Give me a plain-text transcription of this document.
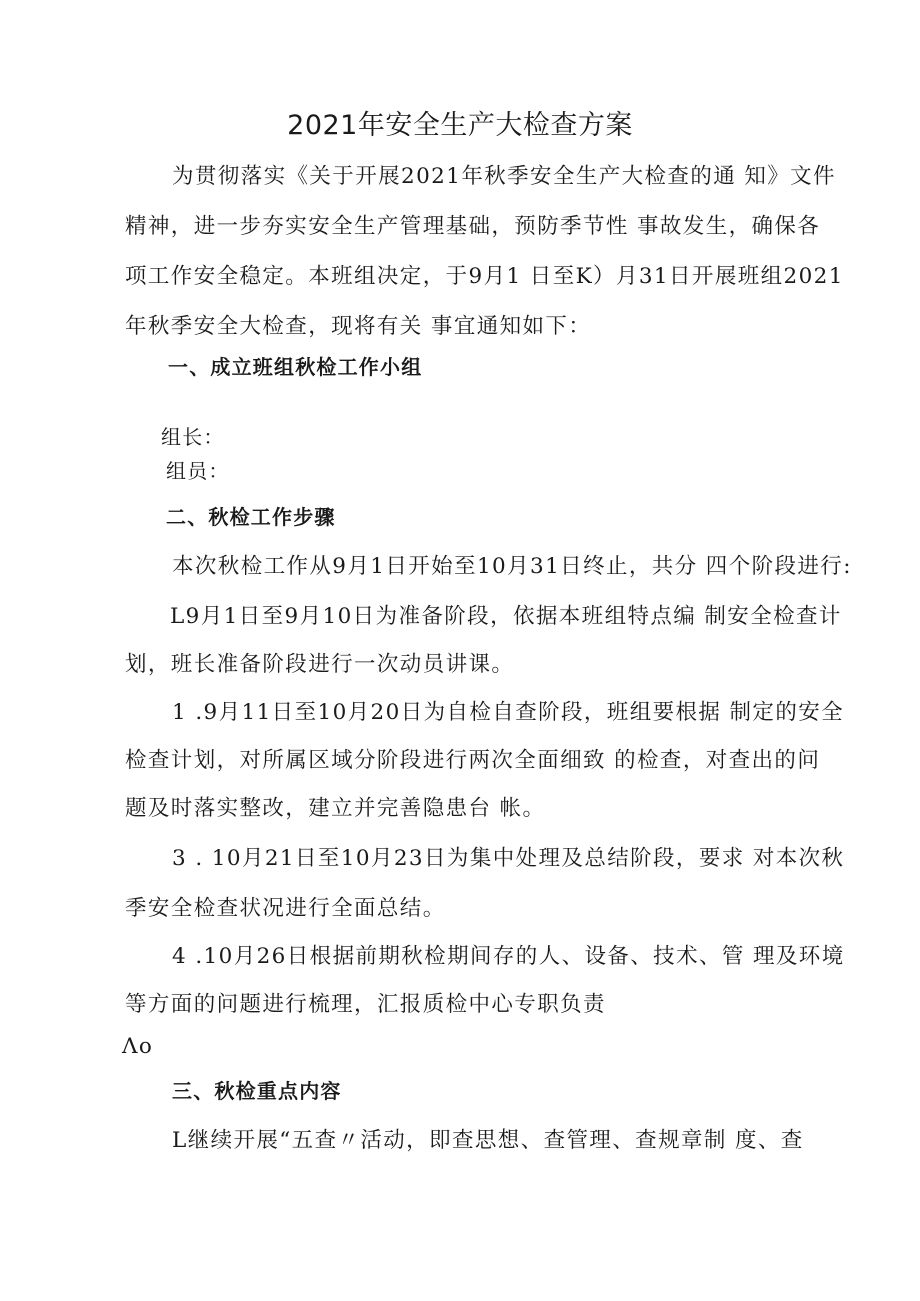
2021年安全生产大检查方案
为贯彻落实《关于开展2021年秋季安全生产大检查的通 知》文件
精神，进一步夯实安全生产管理基础，预防季节性 事故发生，确保各
项工作安全稳定。本班组决定，于9月1 日至K）月31日开展班组2021
年秋季安全大检查，现将有关 事宜通知如下：
一、成立班组秋检工作小组
组长：
组员：
二、秋检工作步骤
本次秋检工作从9月1日开始至10月31日终止，共分 四个阶段进行:
L9月1日至9月10日为准备阶段，依据本班组特点编 制安全检查计
划，班长准备阶段进行一次动员讲课。
1 .9月11日至10月20日为自检自查阶段，班组要根据 制定的安全
检查计划，对所属区域分阶段进行两次全面细致 的检查，对查出的问
题及时落实整改，建立并完善隐患台 帐。
3 . 10月21日至10月23日为集中处理及总结阶段，要求 对本次秋
季安全检查状况进行全面总结。
4 .10月26日根据前期秋检期间存的人、设备、技术、管 理及环境
等方面的问题进行梳理，汇报质检中心专职负责
Λo
三、秋检重点内容
L继续开展“五查〃活动，即查思想、查管理、查规章制 度、查
